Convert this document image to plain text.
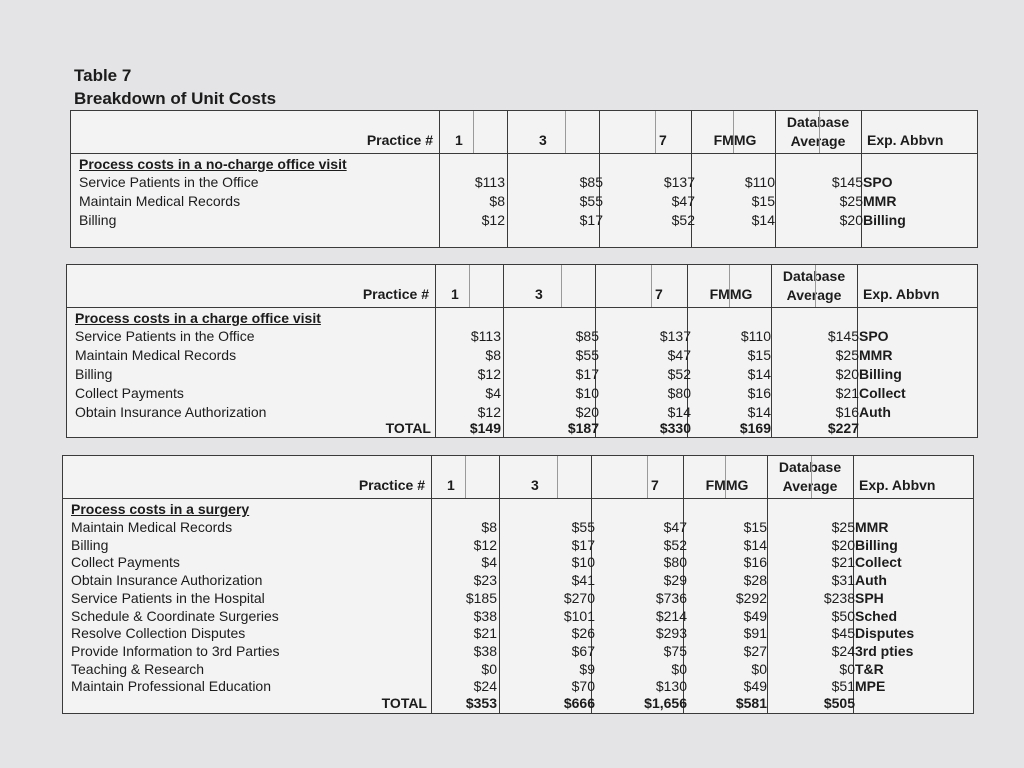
Table 7
Breakdown of Unit Costs
Practice # 1	3	7	FMMG
Database
Average	Exp. Abbvn
Process costs in a no-charge office visit
Service Patients in the Office	$113	$85	$137	$110	$145 SPO
Maintain Medical Records	$8	$55	$47	$15	$25 MMR
Billing	$12	$17	$52	$14	$20 Billing
Practice # 1	3	7	FMMG
Database
Average	Exp. Abbvn
Process costs in a charge office visit
Service Patients in the Office	$113	$85	$137	$110	$145 SPO
Maintain Medical Records	$8	$55	$47	$15	$25 MMR
Billing	$12	$17	$52	$14	$20 Billing
Collect Payments	$4	$10	$80	$16	$21 Collect
Obtain Insurance Authorization	$12	$20	$14	$14	$16 Auth
TOTAL	$149	$187	$330	$169	$227
Practice # 1	3	7	FMMG
Database
Average	Exp. Abbvn
Process costs in a surgery
Maintain Medical Records	$8	$55	$47	$15	$25 MMR
Billing	$12	$17	$52	$14	$20 Billing
Collect Payments	$4	$10	$80	$16	$21 Collect
Obtain Insurance Authorization	$23	$41	$29	$28	$31 Auth
Service Patients in the Hospital	$185	$270	$736	$292	$238 SPH
Schedule & Coordinate Surgeries	$38	$101	$214	$49	$50 Sched
Resolve Collection Disputes	$21	$26	$293	$91	$45 Disputes
Provide Information to 3rd Parties	$38	$67	$75	$27	$24 3rd pties
Teaching & Research	$0	$9	$0	$0	$0 T&R
Maintain Professional Education	$24	$70	$130	$49	$51 MPE
TOTAL	$353	$666	$1,656	$581	$505
